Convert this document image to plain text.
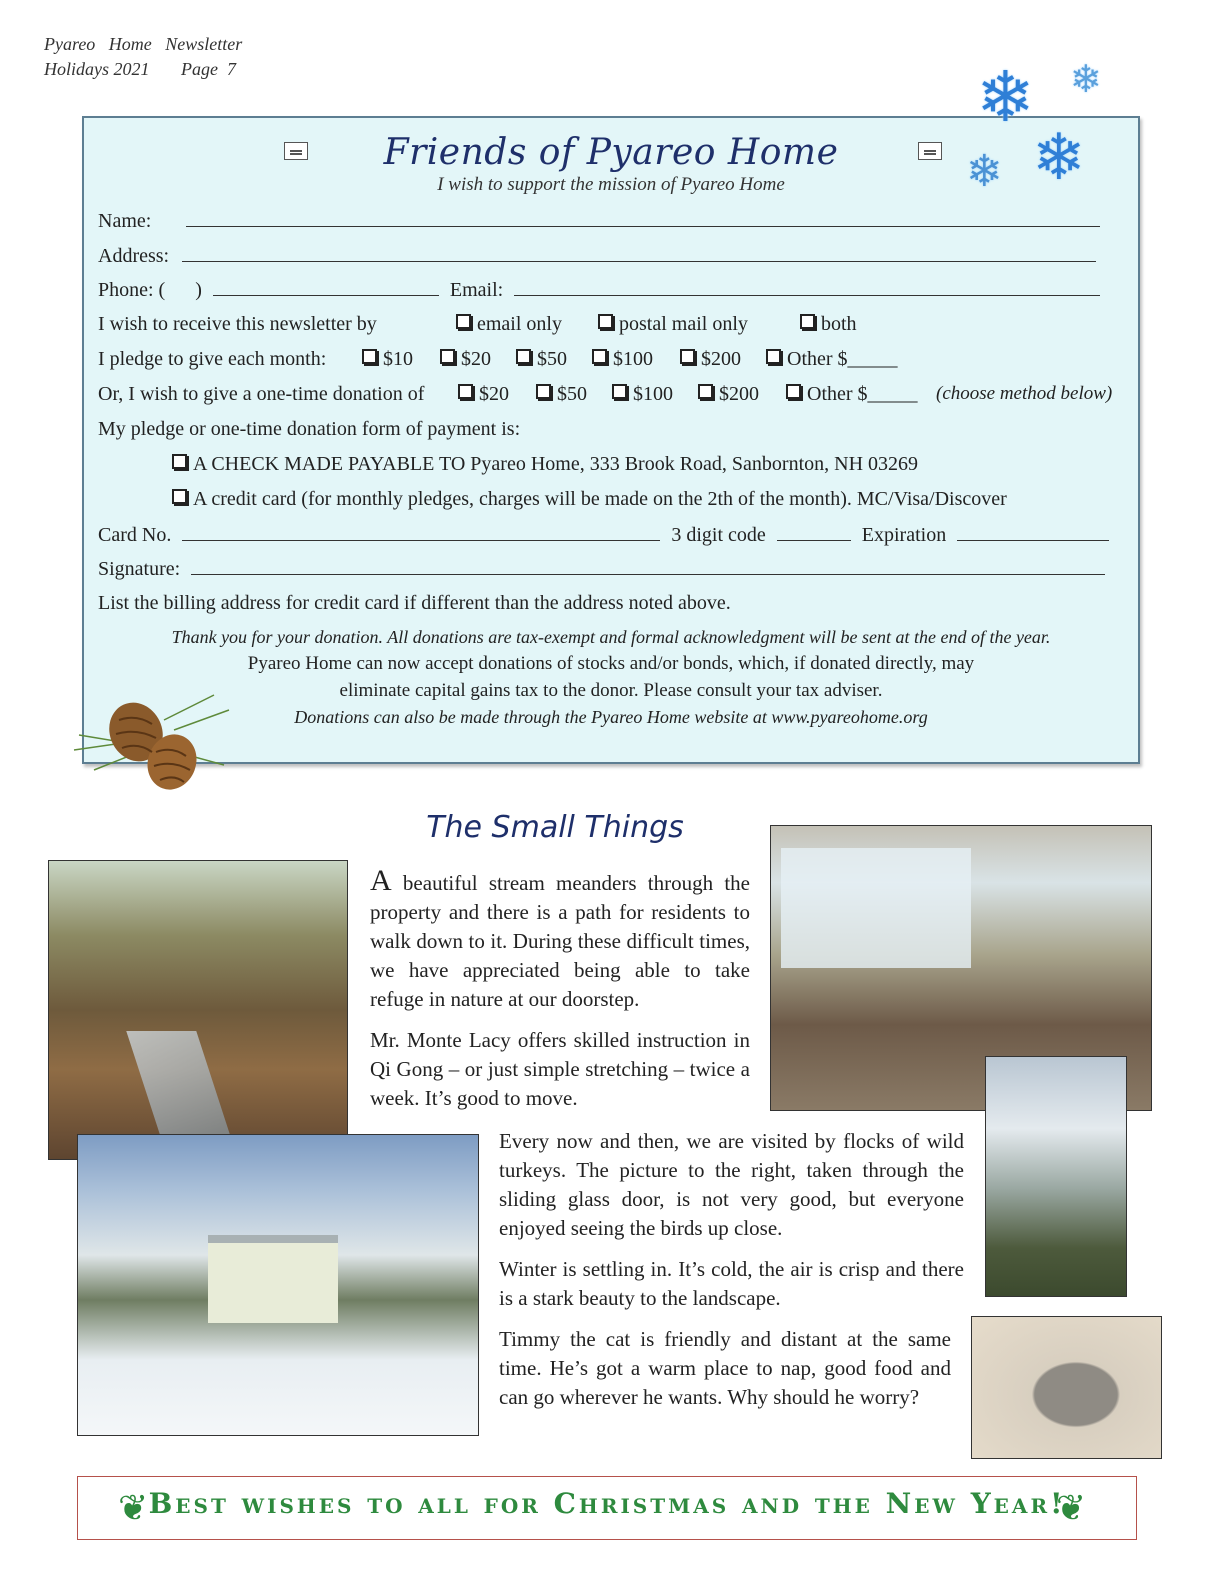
Pyareo   Home   Newsletter
Holidays 2021       Page  7
Friends of Pyareo Home
I wish to support the mission of Pyareo Home
Name:
Address:
Phone: (      )	Email:
I wish to receive this newsletter by	email only	postal mail only	both
I pledge to give each month:	$10	$20	$50	$100	$200	Other $_____
Or, I wish to give a one-time donation of	$20	$50	$100	$200	Other $_____ (choose method below)
My pledge or one-time donation form of payment is:
A CHECK MADE PAYABLE TO Pyareo Home, 333 Brook Road, Sanbornton, NH 03269
A credit card (for monthly pledges, charges will be made on the 2th of the month). MC/Visa/Discover
Card No.	3 digit code	Expiration
Signature:
List the billing address for credit card if different than the address noted above.
Thank you for your donation. All donations are tax-exempt and formal acknowledgment will be sent at the end of the year.
Pyareo Home can now accept donations of stocks and/or bonds, which, if donated directly, may
eliminate capital gains tax to the donor. Please consult your tax adviser.
Donations can also be made through the Pyareo Home website at www.pyareohome.org
❄ ❄
❄
❄
The Small Things

A beautiful stream meanders through the property and there is a path for residents to walk down to it. During these difficult times, we have appreciated being able to take refuge in nature at our doorstep.

Mr. Monte Lacy offers skilled instruction in Qi Gong – or just simple stretching – twice a week. It’s good to move.

Every now and then, we are visited by flocks of wild turkeys. The picture to the right, taken through the sliding glass door, is not very good, but everyone enjoyed seeing the birds up close.

Winter is settling in. It’s cold, the air is crisp and there is a stark beauty to the landscape.

Timmy the cat is friendly and distant at the same time. He’s got a warm place to nap, good food and can go wherever he wants. Why should he worry?

❦ Best wishes to all for Christmas and the New Year!
❦
